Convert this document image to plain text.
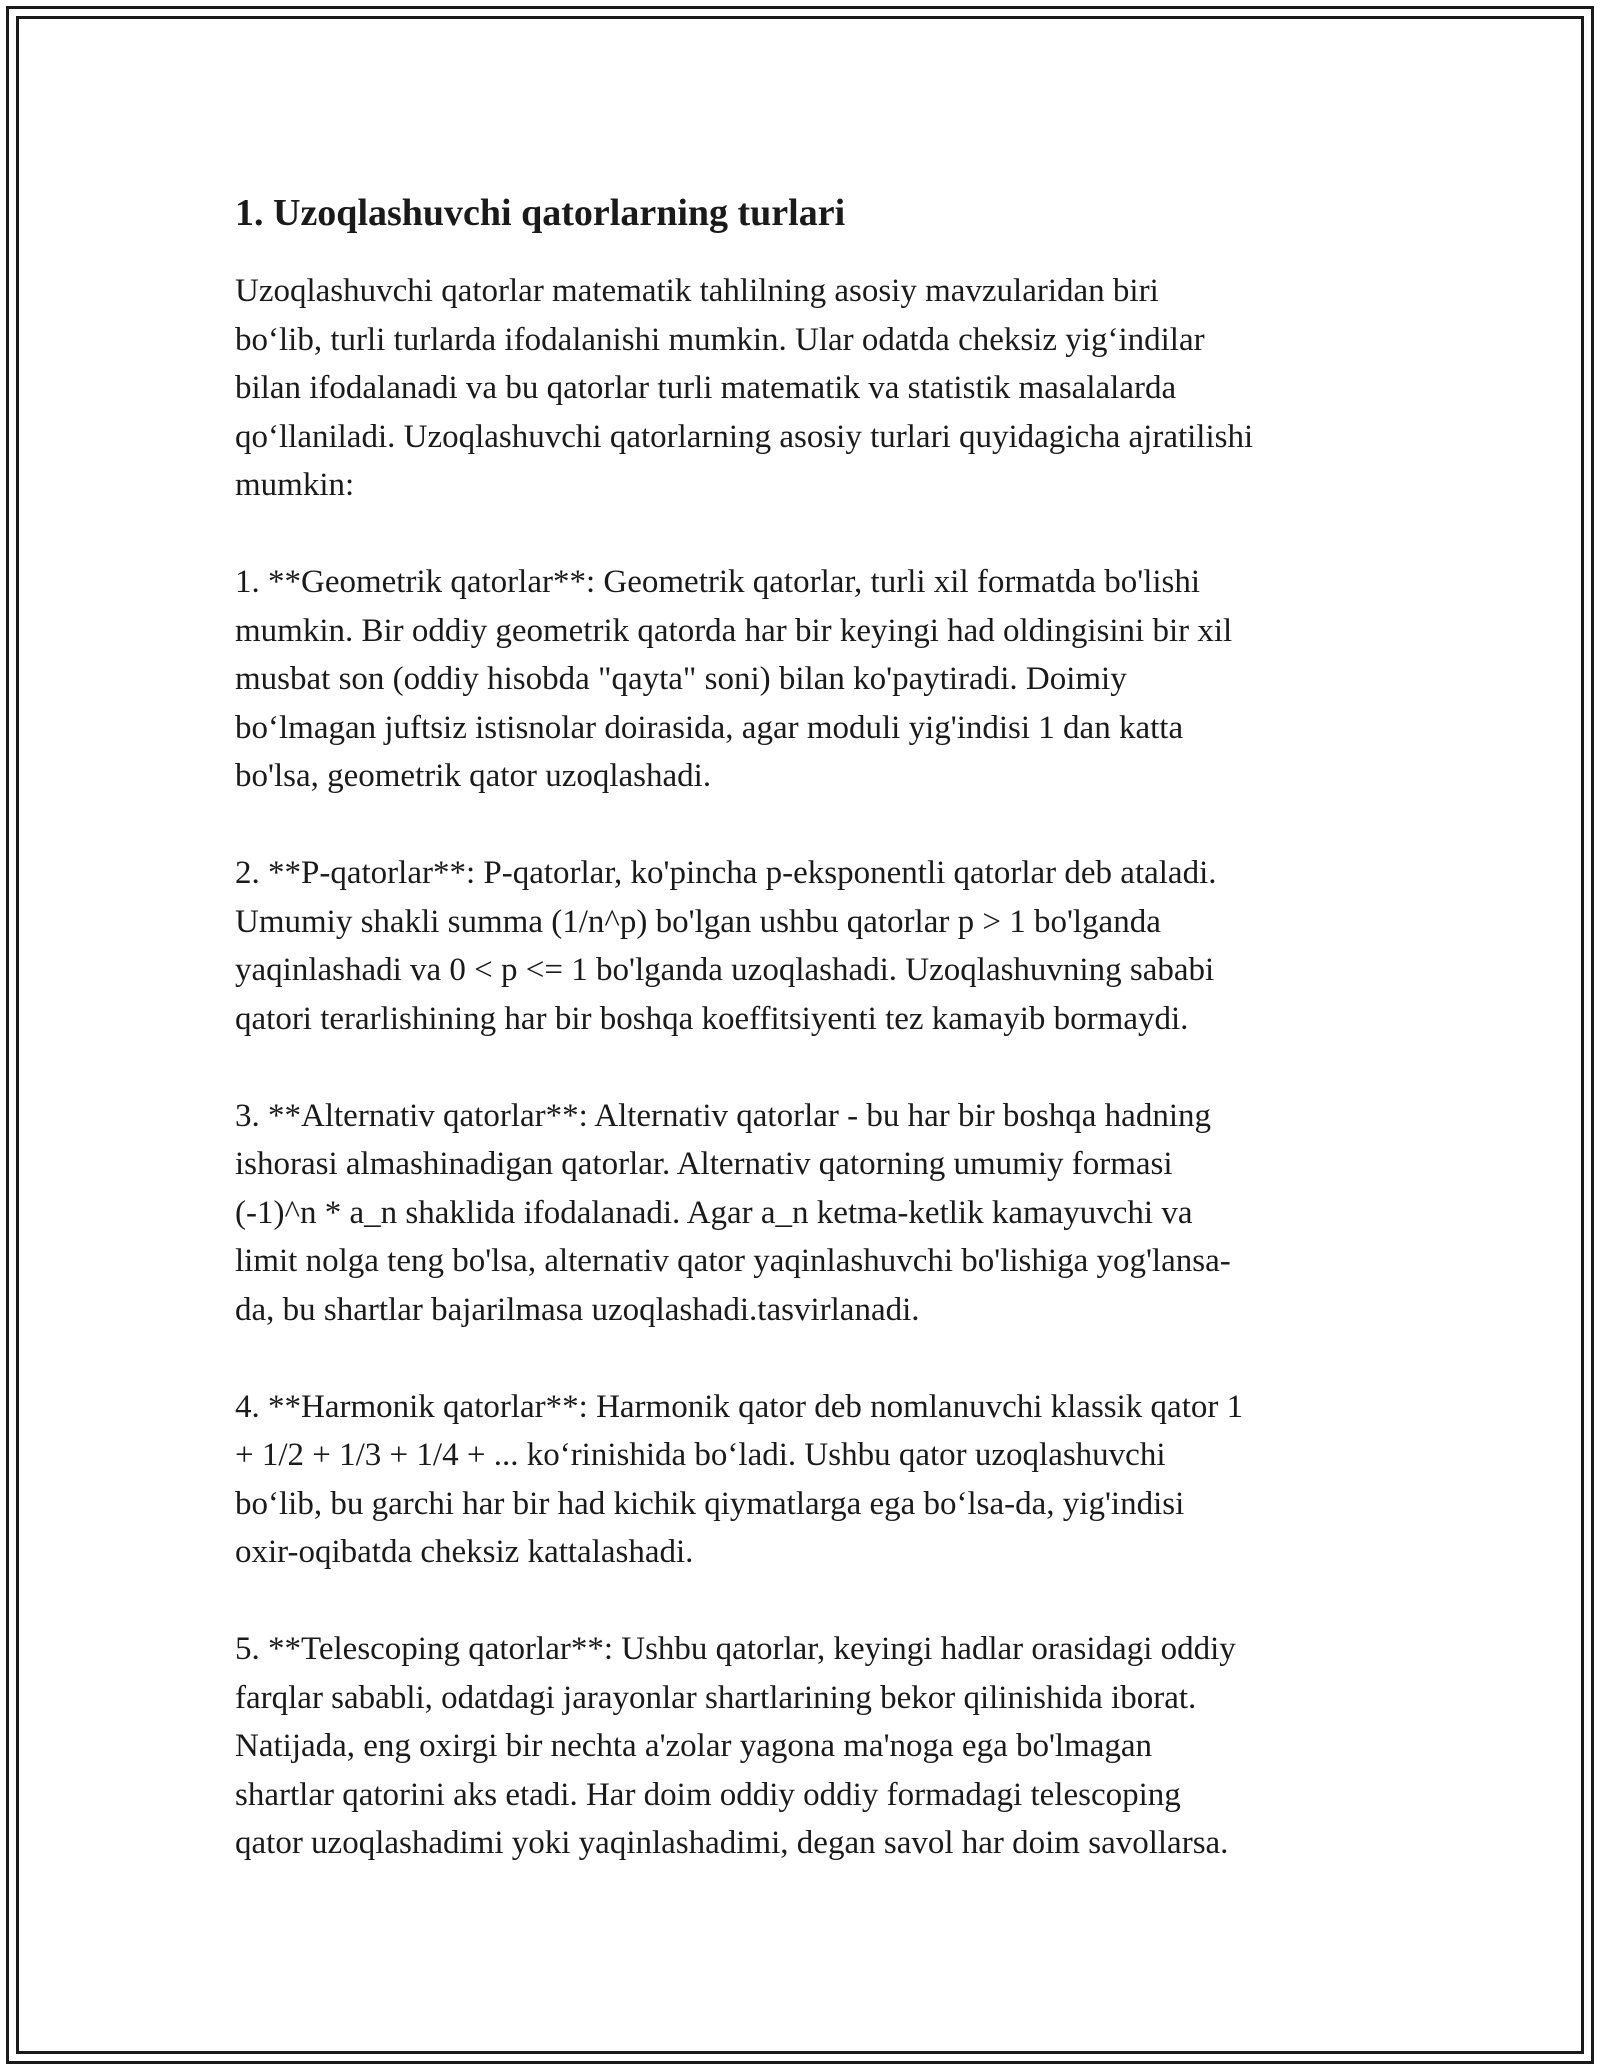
1. Uzoqlashuvchi qatorlarning turlari

Uzoqlashuvchi qatorlar matematik tahlilning asosiy mavzularidan biri
bo‘lib, turli turlarda ifodalanishi mumkin. Ular odatda cheksiz yig‘indilar
bilan ifodalanadi va bu qatorlar turli matematik va statistik masalalarda
qo‘llaniladi. Uzoqlashuvchi qatorlarning asosiy turlari quyidagicha ajratilishi
mumkin:

1. **Geometrik qatorlar**: Geometrik qatorlar, turli xil formatda bo'lishi
mumkin. Bir oddiy geometrik qatorda har bir keyingi had oldingisini bir xil
musbat son (oddiy hisobda "qayta" soni) bilan ko'paytiradi. Doimiy
bo‘lmagan juftsiz istisnolar doirasida, agar moduli yig'indisi 1 dan katta
bo'lsa, geometrik qator uzoqlashadi.

2. **P-qatorlar**: P-qatorlar, ko'pincha p-eksponentli qatorlar deb ataladi.
Umumiy shakli summa (1/n^p) bo'lgan ushbu qatorlar p > 1 bo'lganda
yaqinlashadi va 0 < p <= 1 bo'lganda uzoqlashadi. Uzoqlashuvning sababi
qatori terarlishining har bir boshqa koeffitsiyenti tez kamayib bormaydi.

3. **Alternativ qatorlar**: Alternativ qatorlar - bu har bir boshqa hadning
ishorasi almashinadigan qatorlar. Alternativ qatorning umumiy formasi
(-1)^n * a_n shaklida ifodalanadi. Agar a_n ketma-ketlik kamayuvchi va
limit nolga teng bo'lsa, alternativ qator yaqinlashuvchi bo'lishiga yog'lansa-
da, bu shartlar bajarilmasa uzoqlashadi.tasvirlanadi.

4. **Harmonik qatorlar**: Harmonik qator deb nomlanuvchi klassik qator 1
+ 1/2 + 1/3 + 1/4 + ... ko‘rinishida bo‘ladi. Ushbu qator uzoqlashuvchi
bo‘lib, bu garchi har bir had kichik qiymatlarga ega bo‘lsa-da, yig'indisi
oxir-oqibatda cheksiz kattalashadi.

5. **Telescoping qatorlar**: Ushbu qatorlar, keyingi hadlar orasidagi oddiy
farqlar sababli, odatdagi jarayonlar shartlarining bekor qilinishida iborat.
Natijada, eng oxirgi bir nechta a'zolar yagona ma'noga ega bo'lmagan
shartlar qatorini aks etadi. Har doim oddiy oddiy formadagi telescoping
qator uzoqlashadimi yoki yaqinlashadimi, degan savol har doim savollarsa.
